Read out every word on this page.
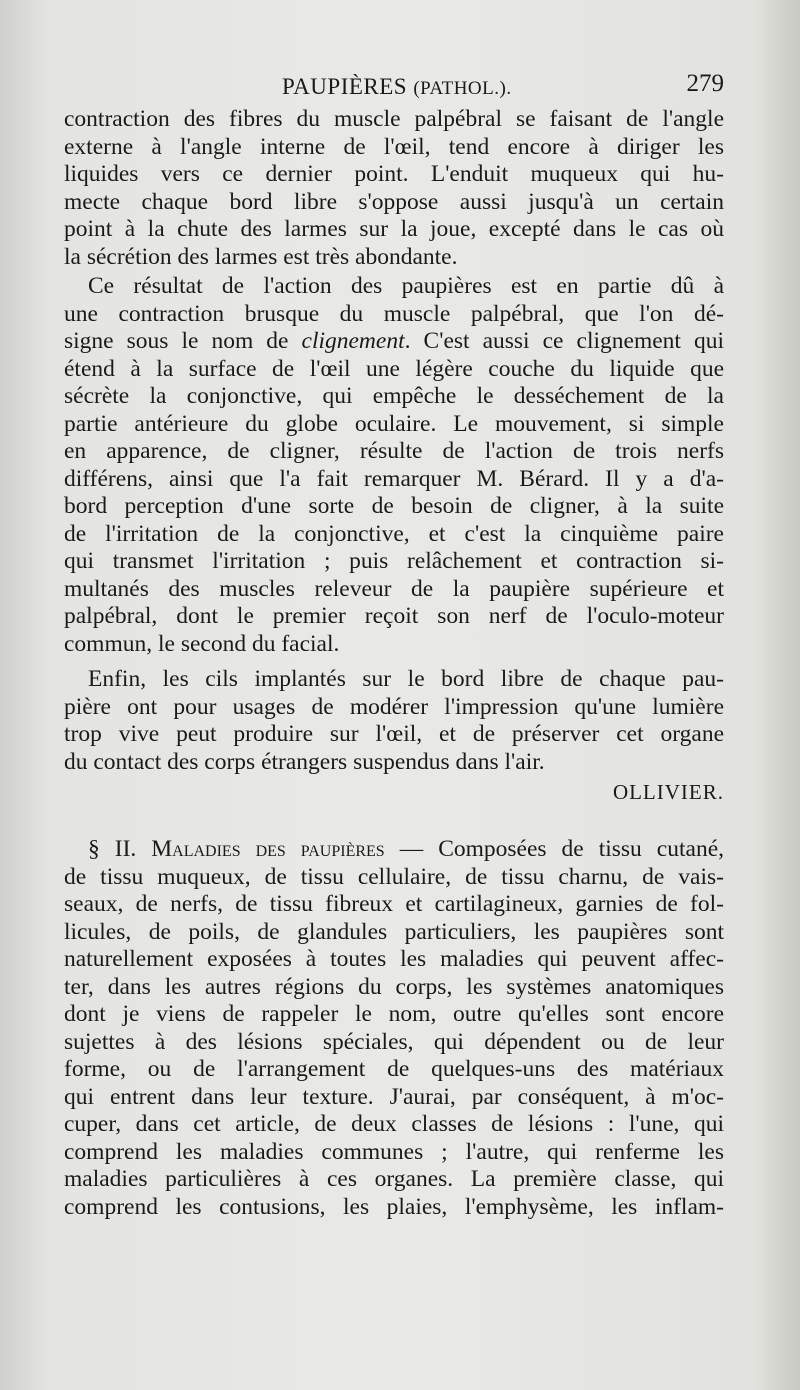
PAUPIÈRES (PATHOL.).	279
contraction des fibres du muscle palpébral se faisant de l'angle
externe à l'angle interne de l'œil, tend encore à diriger les
liquides vers ce dernier point. L'enduit muqueux qui hu-
mecte chaque bord libre s'oppose aussi jusqu'à un certain
point à la chute des larmes sur la joue, excepté dans le cas où
la sécrétion des larmes est très abondante.
Ce résultat de l'action des paupières est en partie dû à
une contraction brusque du muscle palpébral, que l'on dé-
signe sous le nom de clignement. C'est aussi ce clignement qui
étend à la surface de l'œil une légère couche du liquide que
sécrète la conjonctive, qui empêche le desséchement de la
partie antérieure du globe oculaire. Le mouvement, si simple
en apparence, de cligner, résulte de l'action de trois nerfs
différens, ainsi que l'a fait remarquer M. Bérard. Il y a d'a-
bord perception d'une sorte de besoin de cligner, à la suite
de l'irritation de la conjonctive, et c'est la cinquième paire
qui transmet l'irritation ; puis relâchement et contraction si-
multanés des muscles releveur de la paupière supérieure et
palpébral, dont le premier reçoit son nerf de l'oculo-moteur
commun, le second du facial.
Enfin, les cils implantés sur le bord libre de chaque pau-
pière ont pour usages de modérer l'impression qu'une lumière
trop vive peut produire sur l'œil, et de préserver cet organe
du contact des corps étrangers suspendus dans l'air.
OLLIVIER.
§ II. Maladies des paupières — Composées de tissu cutané,
de tissu muqueux, de tissu cellulaire, de tissu charnu, de vais-
seaux, de nerfs, de tissu fibreux et cartilagineux, garnies de fol-
licules, de poils, de glandules particuliers, les paupières sont
naturellement exposées à toutes les maladies qui peuvent affec-
ter, dans les autres régions du corps, les systèmes anatomiques
dont je viens de rappeler le nom, outre qu'elles sont encore
sujettes à des lésions spéciales, qui dépendent ou de leur
forme, ou de l'arrangement de quelques-uns des matériaux
qui entrent dans leur texture. J'aurai, par conséquent, à m'oc-
cuper, dans cet article, de deux classes de lésions : l'une, qui
comprend les maladies communes ; l'autre, qui renferme les
maladies particulières à ces organes. La première classe, qui
comprend les contusions, les plaies, l'emphysème, les inflam-
